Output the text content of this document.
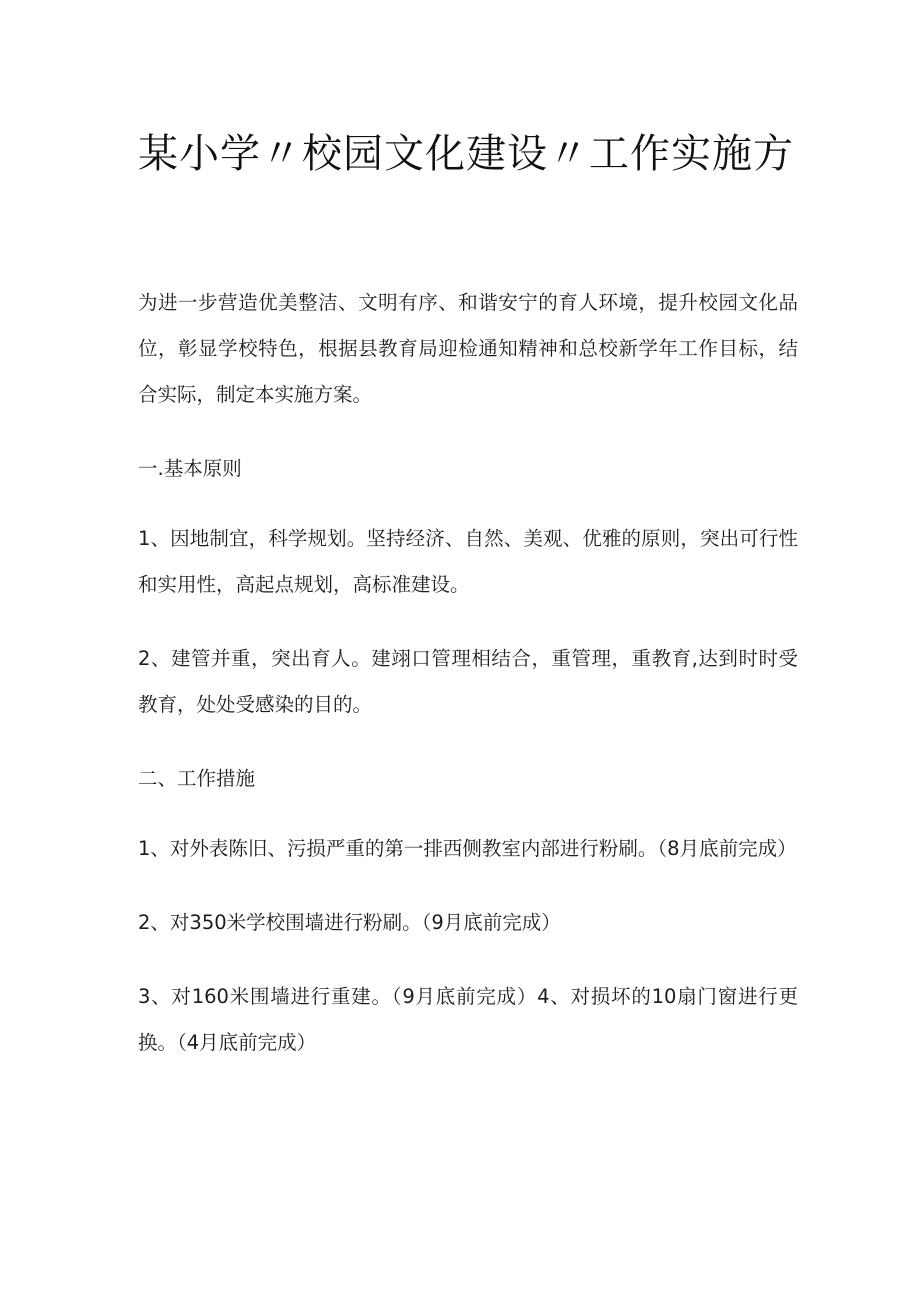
某小学〃校园文化建设〃工作实施方

为进一步营造优美整洁、文明有序、和谐安宁的育人环境，提升校园文化品位，彰显学校特色，根据县教育局迎检通知精神和总校新学年工作目标，结合实际，制定本实施方案。

一.基本原则

1、因地制宜，科学规划。坚持经济、自然、美观、优雅的原则，突出可行性和实用性，高起点规划，高标准建设。

2、建管并重，突出育人。建翊口管理相结合，重管理，重教育,达到时时受教育，处处受感染的目的。

二、工作措施

1、对外表陈旧、污损严重的第一排西侧教室内部进行粉刷。（8月底前完成）

2、对350米学校围墙进行粉刷。（9月底前完成）

3、对160米围墙进行重建。（9月底前完成）4、对损坏的10扇门窗进行更换。（4月底前完成）
